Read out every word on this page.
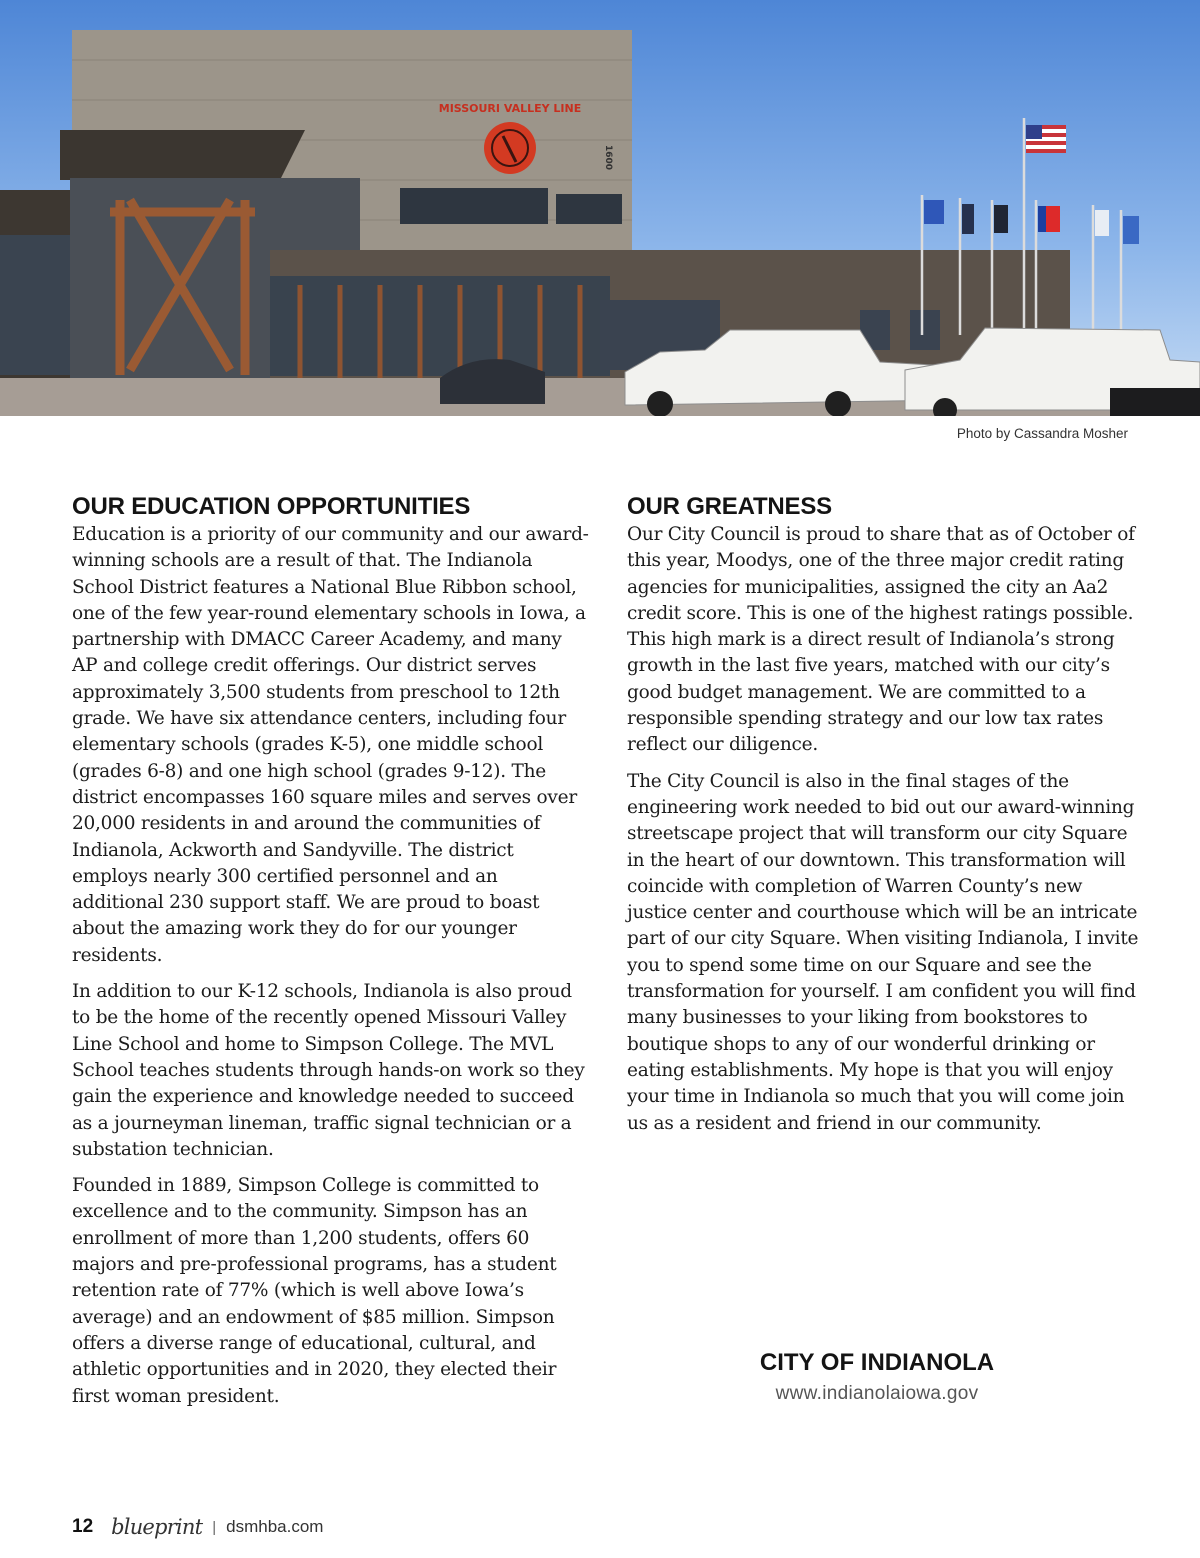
MISSOURI VALLEY LINE
1600
Photo by Cassandra Mosher
OUR EDUCATION OPPORTUNITIES

Education is a priority of our community and our award-winning schools are a result of that. The Indianola School District features a National Blue Ribbon school, one of the few year-round elementary schools in Iowa, a partnership with DMACC Career Academy, and many AP and college credit offerings. Our district serves approximately 3,500 students from preschool to 12th grade. We have six attendance centers, including four elementary schools (grades K-5), one middle school (grades 6-8) and one high school (grades 9-12). The district encompasses 160 square miles and serves over 20,000 residents in and around the communities of Indianola, Ackworth and Sandyville. The district employs nearly 300 certified personnel and an additional 230 support staff. We are proud to boast about the amazing work they do for our younger residents.

In addition to our K-12 schools, Indianola is also proud to be the home of the recently opened Missouri Valley Line School and home to Simpson College. The MVL School teaches students through hands-on work so they gain the experience and knowledge needed to succeed as a journeyman lineman, traffic signal technician or a substation technician.

Founded in 1889, Simpson College is committed to excellence and to the community. Simpson has an enrollment of more than 1,200 students, offers 60 majors and pre-professional programs, has a student retention rate of 77% (which is well above Iowa’s average) and an endowment of $85 million. Simpson offers a diverse range of educational, cultural, and athletic opportunities and in 2020, they elected their first woman president.

OUR GREATNESS

Our City Council is proud to share that as of October of this year, Moodys, one of the three major credit rating agencies for municipalities, assigned the city an Aa2 credit score. This is one of the highest ratings possible. This high mark is a direct result of Indianola’s strong growth in the last five years, matched with our city’s good budget management. We are committed to a responsible spending strategy and our low tax rates reflect our diligence.

The City Council is also in the final stages of the engineering work needed to bid out our award-winning streetscape project that will transform our city Square in the heart of our downtown. This transformation will coincide with completion of Warren County’s new justice center and courthouse which will be an intricate part of our city Square. When visiting Indianola, I invite you to spend some time on our Square and see the transformation for yourself. I am confident you will find many businesses to your liking from bookstores to boutique shops to any of our wonderful drinking or eating establishments. My hope is that you will enjoy your time in Indianola so much that you will come join us as a resident and friend in our community.

CITY OF INDIANOLA
www.indianolaiowa.gov
12 blueprint | dsmhba.com
